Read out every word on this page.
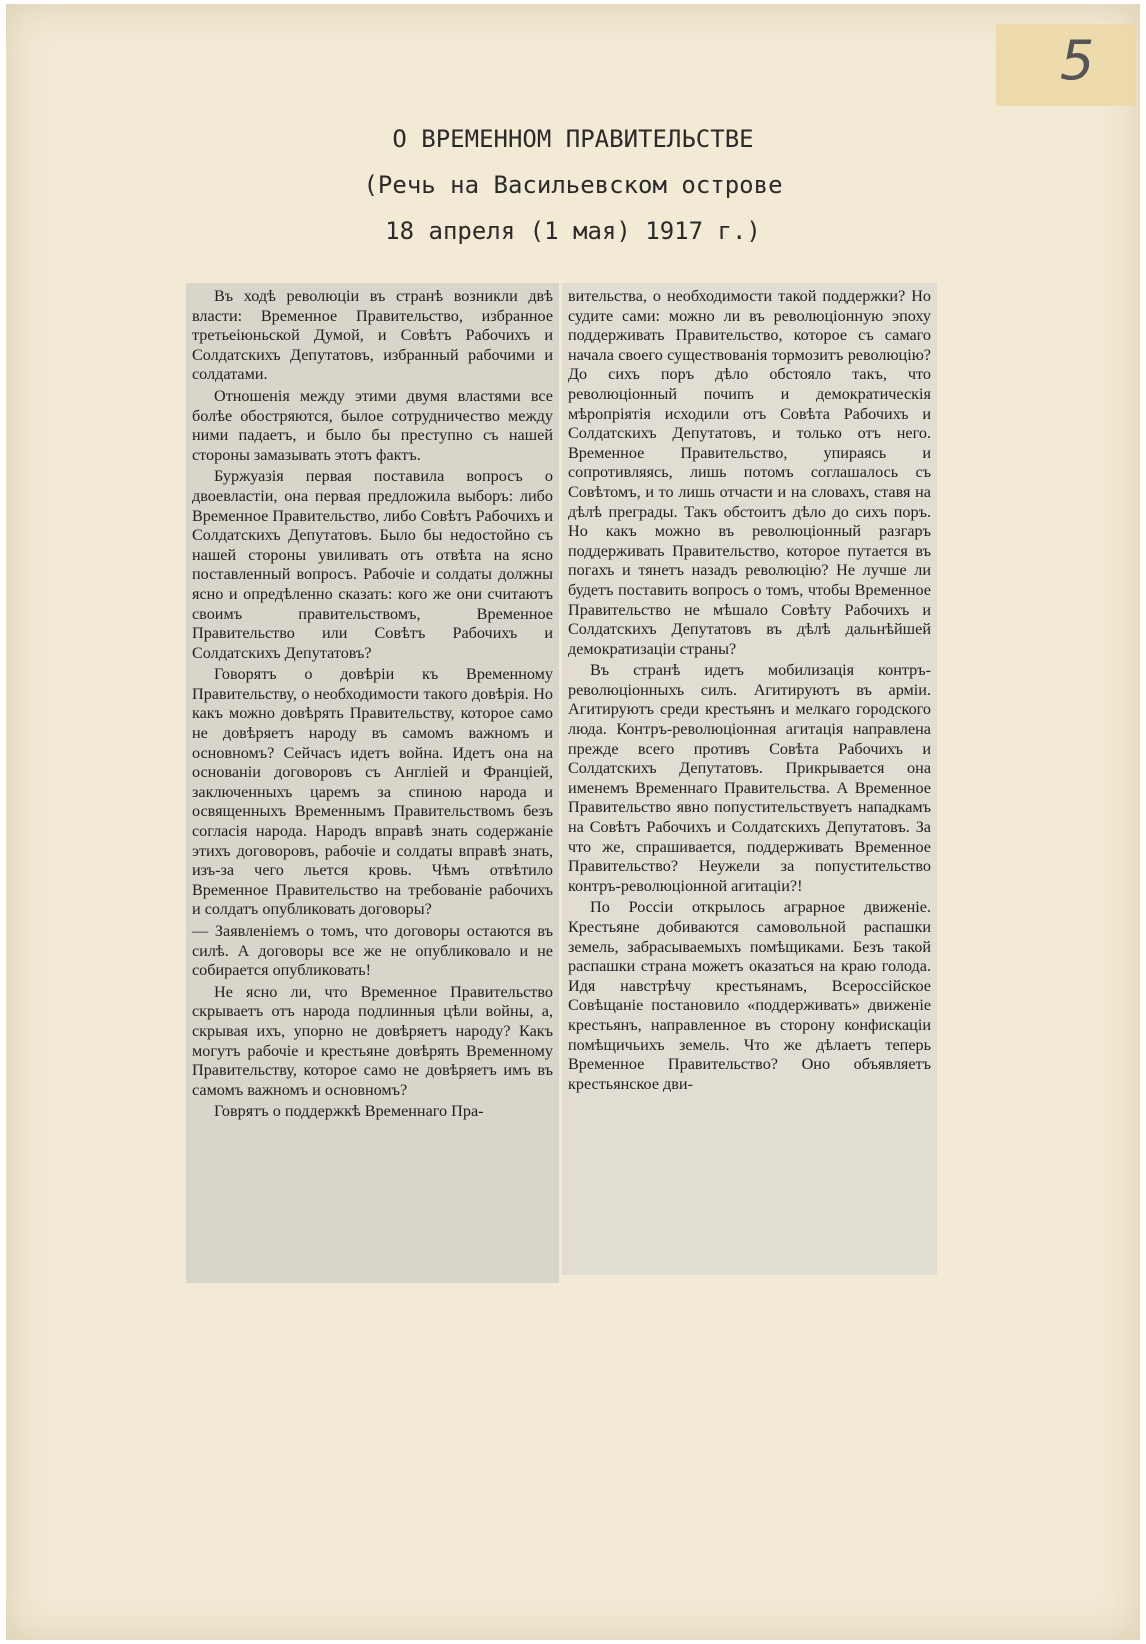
5
О ВРЕМЕННОМ ПРАВИТЕЛЬСТВЕ
(Речь на Васильевском острове
18 апреля (1 мая) 1917 г.)

Въ ходѣ революціи въ странѣ возникли двѣ власти: Временное Правительство, избранное третьеіюньской Думой, и Совѣтъ Рабочихъ и Солдатскихъ Депутатовъ, избранный рабочими и солдатами.

Отношенія между этими двумя властями все болѣе обостряются, былое сотрудничество между ними падаетъ, и было бы преступно съ нашей стороны замазывать этотъ фактъ.

Буржуазія первая поставила вопросъ о двоевластіи, она первая предложила выборъ: либо Временное Правительство, либо Совѣтъ Рабочихъ и Солдатскихъ Депутатовъ. Было бы недостойно съ нашей стороны увиливать отъ отвѣта на ясно поставленный вопросъ. Рабочіе и солдаты должны ясно и опредѣленно сказать: кого же они считаютъ своимъ правительствомъ, Временное Правительство или Совѣтъ Рабочихъ и Солдатскихъ Депутатовъ?

Говорятъ о довѣріи къ Временному Правительству, о необходимости такого довѣрія. Но какъ можно довѣрять Правительству, которое само не довѣряетъ народу въ самомъ важномъ и основномъ? Сейчасъ идетъ война. Идетъ она на основаніи договоровъ съ Англіей и Франціей, заключенныхъ царемъ за спиною народа и освященныхъ Временнымъ Правительствомъ безъ согласія народа. Народъ вправѣ знать содержаніе этихъ договоровъ, рабочіе и солдаты вправѣ знать, изъ-за чего льется кровь. Чѣмъ отвѣтило Временное Правительство на требованіе рабочихъ и солдатъ опубликовать договоры?

— Заявленіемъ о томъ, что договоры остаются въ силѣ. А договоры все же не опубликовало и не собирается опубликовать!

Не ясно ли, что Временное Правительство скрываетъ отъ народа подлинныя цѣли войны, а, скрывая ихъ, упорно не довѣряетъ народу? Какъ могутъ рабочіе и крестьяне довѣрять Временному Правительству, которое само не довѣряетъ имъ въ самомъ важномъ и основномъ?

Говрятъ о поддержкѣ Временнаго Пра-

вительства, о необходимости такой поддержки? Но судите сами: можно ли въ революціонную эпоху поддерживать Правительство, которое съ самаго начала своего существованія тормозитъ революцію? До сихъ поръ дѣло обстояло такъ, что революціонный почипъ и демократическія мѣропріятія исходили отъ Совѣта Рабочихъ и Солдатскихъ Депутатовъ, и только отъ него. Временное Правительство, упираясь и сопротивляясь, лишь потомъ соглашалось съ Совѣтомъ, и то лишь отчасти и на словахъ, ставя на дѣлѣ преграды. Такъ обстоитъ дѣло до сихъ поръ. Но какъ можно въ революціонный разгаръ поддерживать Правительство, которое путается въ погахъ и тянетъ назадъ революцію? Не лучше ли будетъ поставить вопросъ о томъ, чтобы Временное Правительство не мѣшало Совѣту Рабочихъ и Солдатскихъ Депутатовъ въ дѣлѣ дальнѣйшей демократизаціи страны?

Въ странѣ идетъ мобилизація контръ-революціонныхъ силъ. Агитируютъ въ арміи. Агитируютъ среди крестьянъ и мелкаго городского люда. Контръ-революціонная агитація направлена прежде всего противъ Совѣта Рабочихъ и Солдатскихъ Депутатовъ. Прикрывается она именемъ Временнаго Правительства. А Временное Правительство явно попустительствуетъ нападкамъ на Совѣтъ Рабочихъ и Солдатскихъ Депутатовъ. За что же, спрашивается, поддерживать Временное Правительство? Неужели за попустительство контръ-революціонной агитаціи?!

По Россіи открылось аграрное движеніе. Крестьяне добиваются самовольной распашки земель, забрасываемыхъ помѣщиками. Безъ такой распашки страна можетъ оказаться на краю голода. Идя навстрѣчу крестьянамъ, Всероссійское Совѣщаніе постановило «поддерживать» движеніе крестьянъ, направленное въ сторону конфискаціи помѣщичьихъ земель. Что же дѣлаетъ теперь Временное Правительство? Оно объявляетъ крестьянское дви-
